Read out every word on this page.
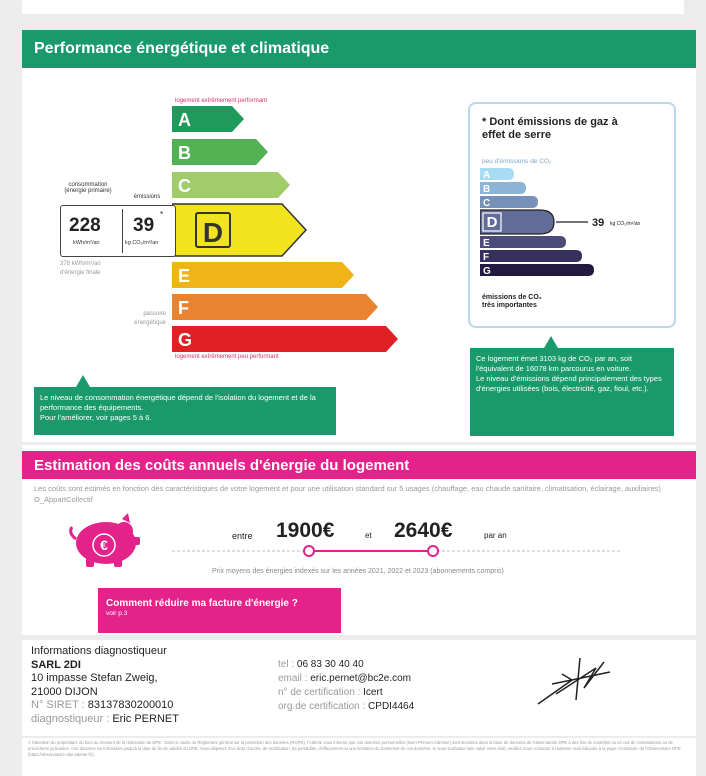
Performance énergétique et climatique
logement extrêmement performant
A
B
C
D
E
F
G
logement extrêmement peu performant
consommation
(énergie primaire)
émissions
228
kWh/m²/an
39
*
kg CO₂/m²/an
378 kWh/m²/an
d'énergie finale
passoire
énergétique
* Dont émissions de gaz à effet de serre
peu d'émissions de CO₂
A
B
C
D	39 kg CO₂/m²/an
E
F
G
émissions de CO₂
très importantes
Le niveau de consommation énergétique dépend de l'isolation du logement et de la performance des équipements.
Pour l'améliorer, voir pages 5 à 6.
Ce logement émet 3103 kg de CO₂ par an, soit l'équivalent de 16078 km parcourus en voiture.
Le niveau d'émissions dépend principalement des types d'énergies utilisées (bois, électricité, gaz, fioul, etc.).
Estimation des coûts annuels d'énergie du logement
Les coûts sont estimés en fonction des caractéristiques de votre logement et pour une utilisation standard sur 5 usages (chauffage, eau chaude sanitaire, climatisation, éclairage, auxiliaires) O_AppartCollectif
€
entre 1900€	et 2640€	par an
Prix moyens des énergies indexés sur les années 2021, 2022 et 2023 (abonnements compris)
Comment réduire ma facture d'énergie ?
voir p.3
Informations diagnostiqueur
SARL 2DI
10 impasse Stefan Zweig,
21000 DIJON
N° SIRET : 83137830200010
diagnostiqueur : Eric PERNET
tel : 06 83 30 40 40
email : eric.pernet@bc2e.com
n° de certification : Icert
org.de certification : CPDI4464
À l'attention du propriétaire du bien au moment de la réalisation du DPE : Dans le cadre du Règlement général sur la protection des données (RGPD), l'Ademe vous informe que vos données personnelles (Nom-Prénom-Adresse) sont stockées dans la base de données de l'observatoire DPE à des fins de contrôles ou en cas de contestations ou de procédures judiciaires. Ces données sont stockées jusqu'à la date de fin de validité du DPE. Vous disposez d'un droit d'accès, de rectification, de portabilité, d'effacement ou une limitation du traitement de ces données. Si vous souhaitez faire valoir votre droit, veuillez nous contacter à l'adresse mail indiquée à la page «Contacts» de l'Observatoire DPE (https://observatoire-dpe.ademe.fr/).
